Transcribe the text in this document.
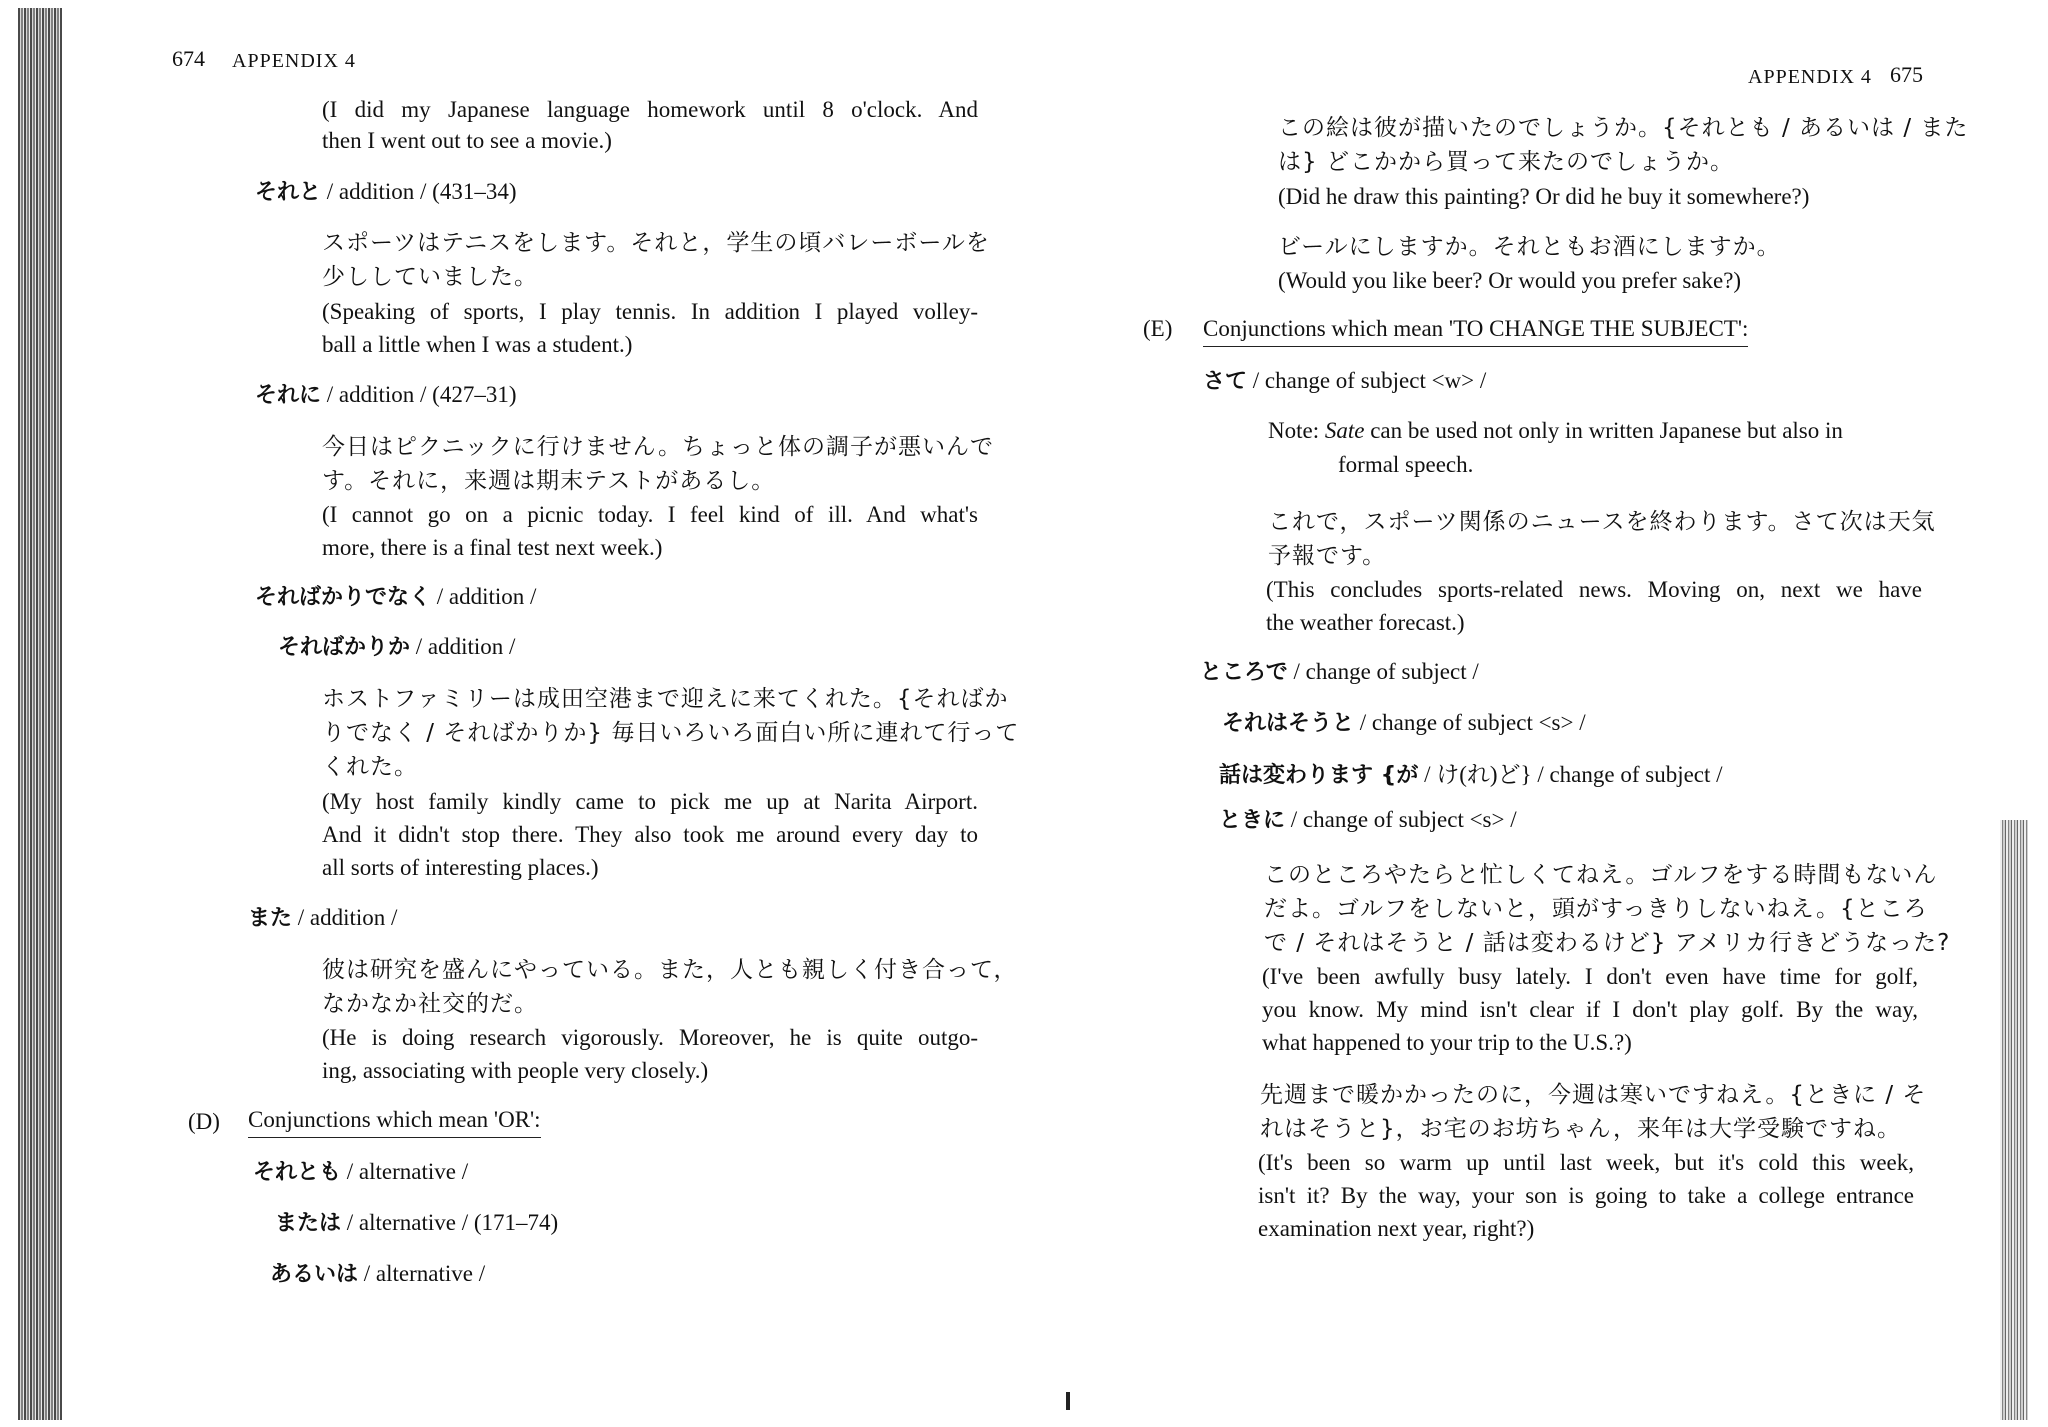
674 APPENDIX 4
(D) Conjunctions which mean 'OR':
(I did my Japanese language homework until 8 o'clock. And
then I went out to see a movie.)
それと / addition / (431–34)
スポーツはテニスをします。それと，学生の頃バレーボールを
少ししていました。
(Speaking of sports, I play tennis. In addition I played volley-
ball a little when I was a student.)
それに / addition / (427–31)
今日はピクニックに行けません。ちょっと体の調子が悪いんで
す。それに，来週は期末テストがあるし。
(I cannot go on a picnic today. I feel kind of ill. And what's
more, there is a final test next week.)
そればかりでなく / addition /
そればかりか / addition /
ホストファミリーは成田空港まで迎えに来てくれた。{そればか
りでなく / そればかりか} 毎日いろいろ面白い所に連れて行って
くれた。
(My host family kindly came to pick me up at Narita Airport.
And it didn't stop there. They also took me around every day to
all sorts of interesting places.)
また / addition /
彼は研究を盛んにやっている。また，人とも親しく付き合って，
なかなか社交的だ。
(He is doing research vigorously. Moreover, he is quite outgo-
ing, associating with people very closely.)
それとも / alternative /
または / alternative / (171–74)
あるいは / alternative /
APPENDIX 4 675
(E) Conjunctions which mean 'TO CHANGE THE SUBJECT':
Note: Sate can be used not only in written Japanese but also in
この絵は彼が描いたのでしょうか。{それとも / あるいは / また
は} どこかから買って来たのでしょうか。
(Did he draw this painting? Or did he buy it somewhere?)
ビールにしますか。それともお酒にしますか。
(Would you like beer? Or would you prefer sake?)
さて / change of subject <w> /
formal speech.
これで，スポーツ関係のニュースを終わります。さて次は天気
予報です。
(This concludes sports-related news. Moving on, next we have
the weather forecast.)
ところで / change of subject /
それはそうと / change of subject <s> /
話は変わります {が / け(れ)ど} / change of subject /
ときに / change of subject <s> /
このところやたらと忙しくてねえ。ゴルフをする時間もないん
だよ。ゴルフをしないと，頭がすっきりしないねえ。{ところ
で / それはそうと / 話は変わるけど} アメリカ行きどうなった?
(I've been awfully busy lately. I don't even have time for golf,
you know. My mind isn't clear if I don't play golf. By the way,
what happened to your trip to the U.S.?)
先週まで暖かかったのに，今週は寒いですねえ。{ときに / そ
れはそうと}，お宅のお坊ちゃん，来年は大学受験ですね。
(It's been so warm up until last week, but it's cold this week,
isn't it? By the way, your son is going to take a college entrance
examination next year, right?)
